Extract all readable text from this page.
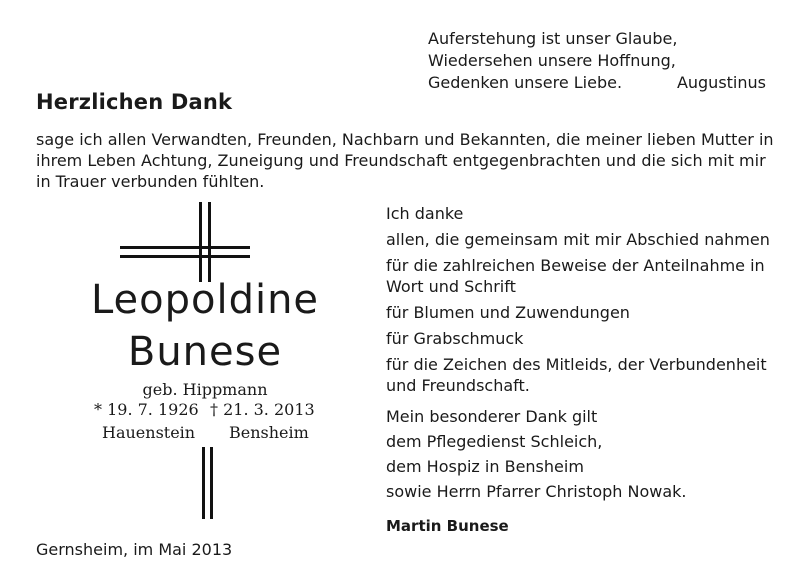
Auferstehung ist unser Glaube,
Wiedersehen unsere Hoffnung,
Gedenken unsere Liebe.	Augustinus
Herzlichen Dank
sage ich allen Verwandten, Freunden, Nachbarn und Bekannten, die meiner lieben Mutter in ihrem Leben Achtung, Zuneigung und Freundschaft entgegenbrachten und die sich mit mir in Trauer verbunden fühlten.
Leopoldine
Bunese
geb. Hippmann
* 19. 7. 1926 † 21. 3. 2013
Hauenstein Bensheim
Gernsheim, im Mai 2013

Ich danke

allen, die gemeinsam mit mir Abschied nahmen

für die zahlreichen Beweise der Anteilnahme in Wort und Schrift

für Blumen und Zuwendungen

für Grabschmuck

für die Zeichen des Mitleids, der Verbundenheit und Freundschaft.

Mein besonderer Dank gilt
dem Pflegedienst Schleich,
dem Hospiz in Bensheim
sowie Herrn Pfarrer Christoph Nowak.
Martin Bunese
